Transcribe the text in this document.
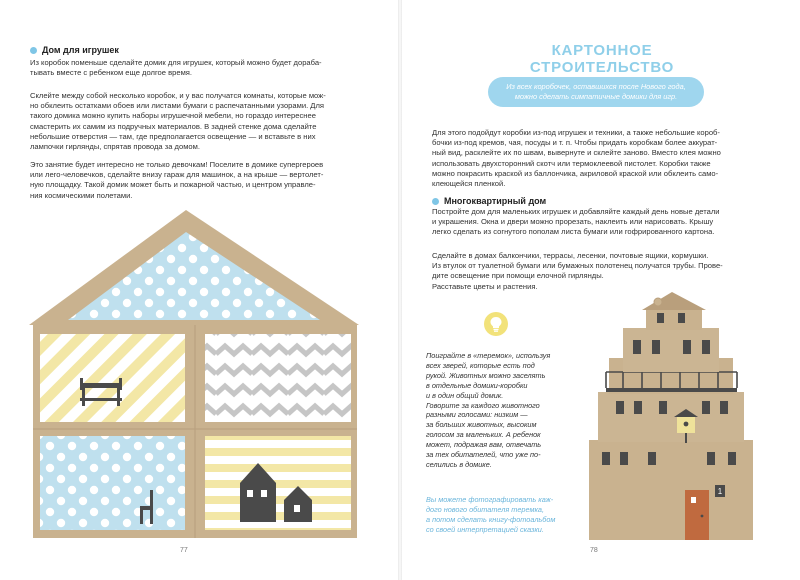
Дом для игрушек

Из коробок поменьше сделайте домик для игрушек, который можно будет дораба-
тывать вместе с ребенком еще долгое время.

Склейте между собой несколько коробок, и у вас получатся комнаты, которые мож-
но обклеить остатками обоев или листами бумаги с распечатанными узорами. Для
такого домика можно купить наборы игрушечной мебели, но гораздо интереснее
смастерить их самим из подручных материалов. В задней стенке дома сделайте
небольшие отверстия — там, где предполагается освещение — и вставьте в них
лампочки гирлянды, спрятав провода за домом.

Это занятие будет интересно не только девочкам! Поселите в домике супергероев
или лего-человечков, сделайте внизу гараж для машинок, а на крыше — вертолет-
ную площадку. Такой домик может быть и пожарной частью, и центром управле-
ния космическими полетами.

77
КАРТОННОЕ СТРОИТЕЛЬСТВО
Из всех коробочек, оставшихся после Нового года,
можно сделать симпатичные домики для игр.

Для этого подойдут коробки из-под игрушек и техники, а также небольшие короб-
бочки из-под кремов, чая, посуды и т. п. Чтобы придать коробкам более аккурат-
ный вид, расклейте их по швам, вывернуте и склейте заново. Вместо клея можно
использовать двухсторонний скотч или термоклеевой пистолет. Коробки также
можно покрасить краской из баллончика, акриловой краской или обклеить само-
клеющейся пленкой.

Многоквартирный дом

Постройте дом для маленьких игрушек и добавляйте каждый день новые детали
и украшения. Окна и двери можно прорезать, наклеить или нарисовать. Крышу
легко сделать из согнутого пополам листа бумаги или гофрированного картона.

Сделайте в домах балкончики, террасы, лесенки, почтовые ящики, кормушки.
Из втулок от туалетной бумаги или бумажных полотенец получатся трубы. Прове-
дите освещение при помощи елочной гирлянды.
Расставьте цветы и растения.

Поиграйте в «теремок», используя
всех зверей, которые есть под
рукой. Животных можно заселять
в отдельные домики-коробки
и в один общий домик.
Говорите за каждого животного
разными голосами: низким —
за больших животных, высоким
голосом за маленьких. А ребенок
может, подражая вам, отвечать
за тех обитателей, что уже по-
селились в домике.

Вы можете фотографировать каж-
дого нового обитателя теремка,
а потом сделать книгу-фотоальбом
со своей интерпретацией сказки.

1
78
